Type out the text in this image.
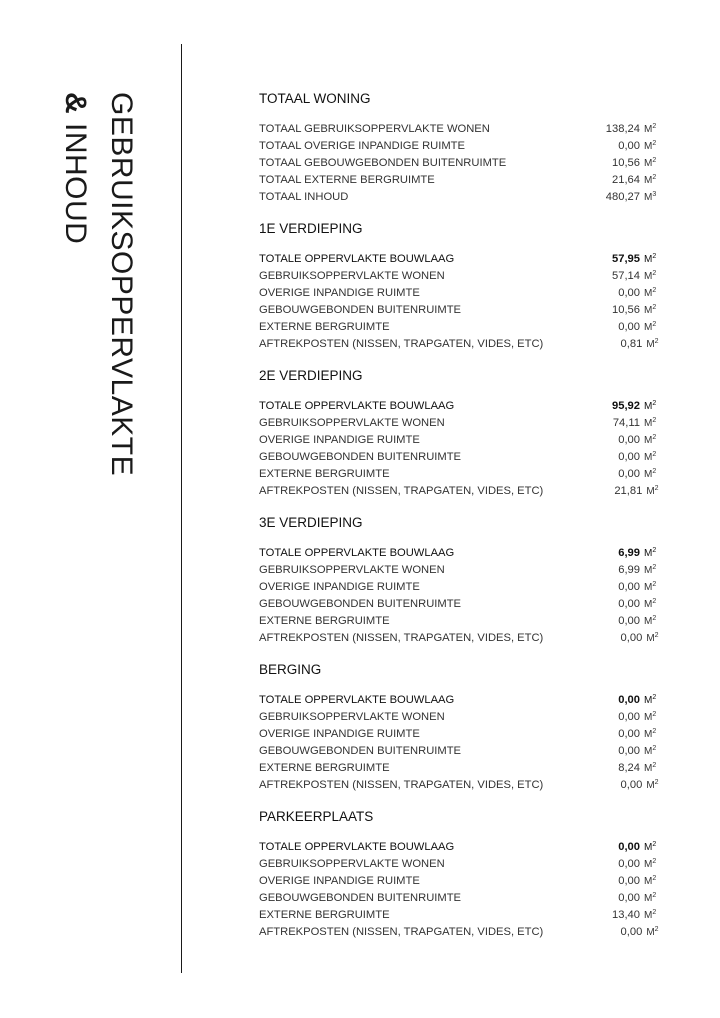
GEBRUIKSOPPERVLAKTE
& INHOUD
TOTAAL WONING
TOTAAL GEBRUIKSOPPERVLAKTE WONEN	138,24 $M^2$
TOTAAL OVERIGE INPANDIGE RUIMTE	0,00 $M^2$
TOTAAL GEBOUWGEBONDEN BUITENRUIMTE	10,56 $M^2$
TOTAAL EXTERNE BERGRUIMTE	21,64 $M^2$
TOTAAL INHOUD	480,27 $M^3$
1E VERDIEPING
TOTALE OPPERVLAKTE BOUWLAAG	57,95 $M^2$
GEBRUIKSOPPERVLAKTE WONEN	57,14 $M^2$
OVERIGE INPANDIGE RUIMTE	0,00 $M^2$
GEBOUWGEBONDEN BUITENRUIMTE	10,56 $M^2$
EXTERNE BERGRUIMTE	0,00 $M^2$
AFTREKPOSTEN (NISSEN, TRAPGATEN, VIDES, ETC)	0,81 $M^2$
2E VERDIEPING
TOTALE OPPERVLAKTE BOUWLAAG	95,92 $M^2$
GEBRUIKSOPPERVLAKTE WONEN	74,11 $M^2$
OVERIGE INPANDIGE RUIMTE	0,00 $M^2$
GEBOUWGEBONDEN BUITENRUIMTE	0,00 $M^2$
EXTERNE BERGRUIMTE	0,00 $M^2$
AFTREKPOSTEN (NISSEN, TRAPGATEN, VIDES, ETC)	21,81 $M^2$
3E VERDIEPING
TOTALE OPPERVLAKTE BOUWLAAG	6,99 $M^2$
GEBRUIKSOPPERVLAKTE WONEN	6,99 $M^2$
OVERIGE INPANDIGE RUIMTE	0,00 $M^2$
GEBOUWGEBONDEN BUITENRUIMTE	0,00 $M^2$
EXTERNE BERGRUIMTE	0,00 $M^2$
AFTREKPOSTEN (NISSEN, TRAPGATEN, VIDES, ETC)	0,00 $M^2$
BERGING
TOTALE OPPERVLAKTE BOUWLAAG	0,00 $M^2$
GEBRUIKSOPPERVLAKTE WONEN	0,00 $M^2$
OVERIGE INPANDIGE RUIMTE	0,00 $M^2$
GEBOUWGEBONDEN BUITENRUIMTE	0,00 $M^2$
EXTERNE BERGRUIMTE	8,24 $M^2$
AFTREKPOSTEN (NISSEN, TRAPGATEN, VIDES, ETC)	0,00 $M^2$
PARKEERPLAATS
TOTALE OPPERVLAKTE BOUWLAAG	0,00 $M^2$
GEBRUIKSOPPERVLAKTE WONEN	0,00 $M^2$
OVERIGE INPANDIGE RUIMTE	0,00 $M^2$
GEBOUWGEBONDEN BUITENRUIMTE	0,00 $M^2$
EXTERNE BERGRUIMTE	13,40 $M^2$
AFTREKPOSTEN (NISSEN, TRAPGATEN, VIDES, ETC)	0,00 $M^2$
